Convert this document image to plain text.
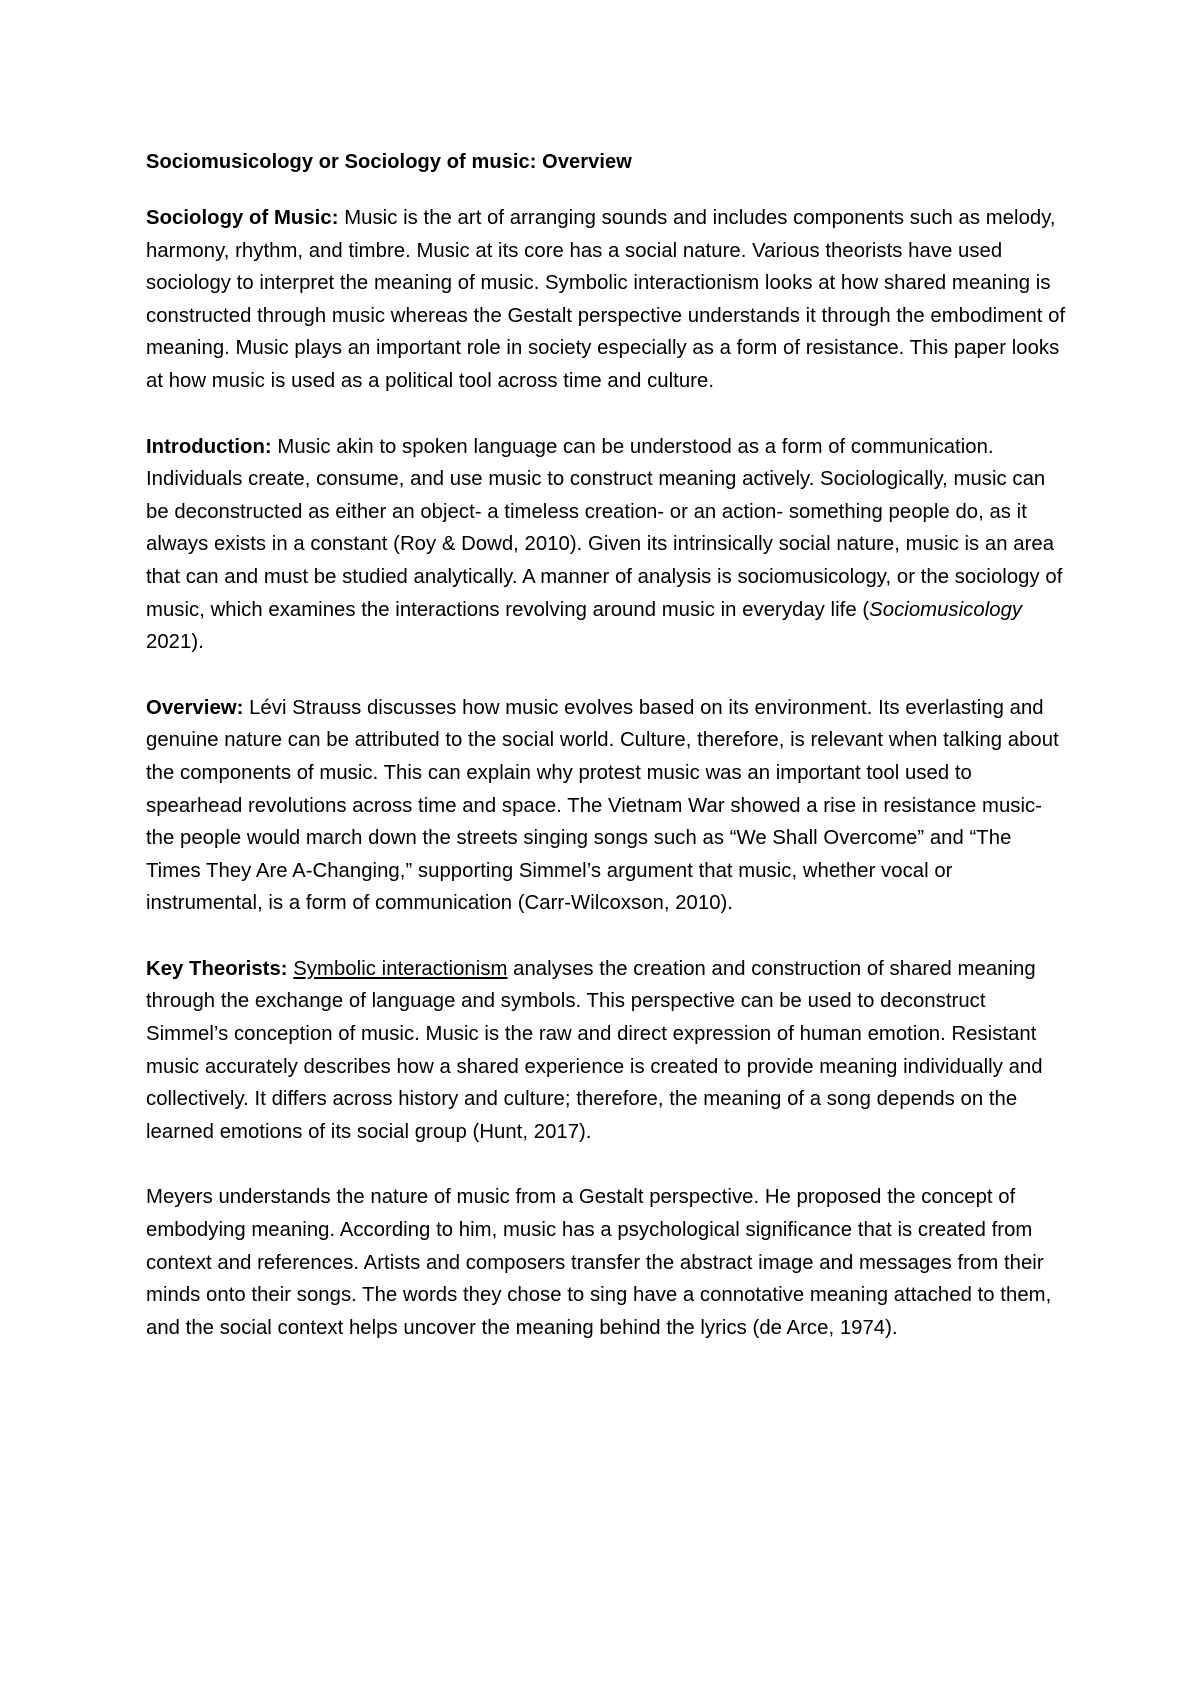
Sociomusicology or Sociology of music: Overview

Sociology of Music: Music is the art of arranging sounds and includes components such as melody, harmony, rhythm, and timbre. Music at its core has a social nature. Various theorists have used sociology to interpret the meaning of music. Symbolic interactionism looks at how shared meaning is constructed through music whereas the Gestalt perspective understands it through the embodiment of meaning. Music plays an important role in society especially as a form of resistance. This paper looks at how music is used as a political tool across time and culture.

Introduction: Music akin to spoken language can be understood as a form of communication. Individuals create, consume, and use music to construct meaning actively. Sociologically, music can be deconstructed as either an object- a timeless creation- or an action- something people do, as it always exists in a constant (Roy & Dowd, 2010). Given its intrinsically social nature, music is an area that can and must be studied analytically. A manner of analysis is sociomusicology, or the sociology of music, which examines the interactions revolving around music in everyday life (Sociomusicology 2021).

Overview: Lévi Strauss discusses how music evolves based on its environment. Its everlasting and genuine nature can be attributed to the social world. Culture, therefore, is relevant when talking about the components of music. This can explain why protest music was an important tool used to spearhead revolutions across time and space. The Vietnam War showed a rise in resistance music- the people would march down the streets singing songs such as “We Shall Overcome” and “The Times They Are A-Changing,” supporting Simmel’s argument that music, whether vocal or instrumental, is a form of communication (Carr-Wilcoxson, 2010).

Key Theorists: Symbolic interactionism analyses the creation and construction of shared meaning through the exchange of language and symbols. This perspective can be used to deconstruct Simmel’s conception of music. Music is the raw and direct expression of human emotion. Resistant music accurately describes how a shared experience is created to provide meaning individually and collectively. It differs across history and culture; therefore, the meaning of a song depends on the learned emotions of its social group (Hunt, 2017).

Meyers understands the nature of music from a Gestalt perspective. He proposed the concept of embodying meaning. According to him, music has a psychological significance that is created from context and references. Artists and composers transfer the abstract image and messages from their minds onto their songs. The words they chose to sing have a connotative meaning attached to them, and the social context helps uncover the meaning behind the lyrics (de Arce, 1974).
